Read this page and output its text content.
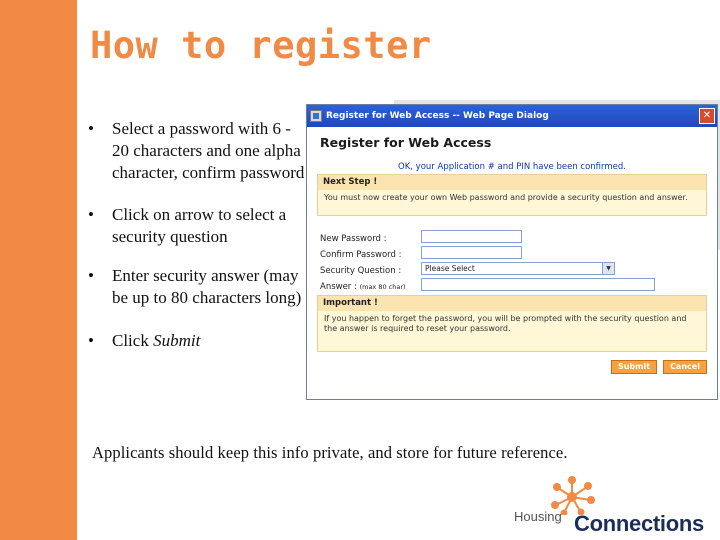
How to register
• Select a password with 6 - 20 characters and one alpha character, confirm password
• Click on arrow to select a security question
• Enter security answer (may be up to 80 characters long)
• Click Submit
Register for Web Access -- Web Page Dialog	✕
Register for Web Access
OK, your Application # and PIN have been confirmed.
Next Step !
You must now create your own Web password and provide a security question and answer.
New Password :
Confirm Password :
Security Question :	Please Select	▼
Answer : (max 80 char)
Important !
If you happen to forget the password, you will be prompted with the security question and the answer is required to reset your password.
Submit	Cancel
Applicants should keep this info private, and store for future reference.
Housing Connections
